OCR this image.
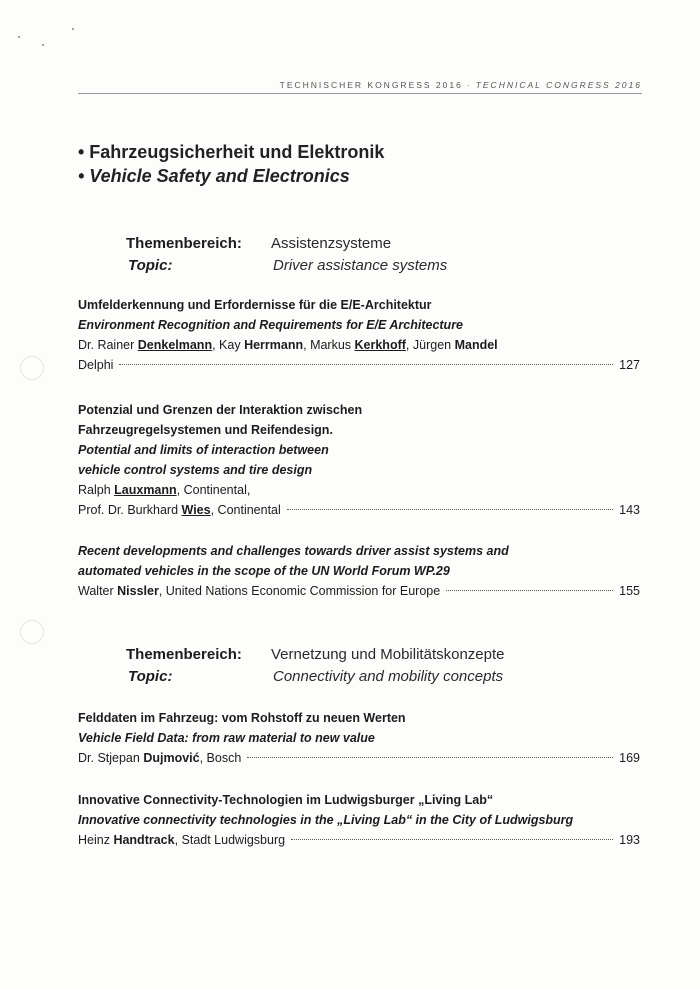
TECHNISCHER KONGRESS 2016 · TECHNICAL CONGRESS 2016
• Fahrzeugsicherheit und Elektronik
• Vehicle Safety and Electronics
Themenbereich:	Assistenzsysteme
Topic:	Driver assistance systems
Umfelderkennung und Erfordernisse für die E/E-Architektur
Environment Recognition and Requirements for E/E Architecture
Dr. Rainer Denkelmann, Kay Herrmann, Markus Kerkhoff, Jürgen Mandel
Delphi	127
Potenzial und Grenzen der Interaktion zwischen
Fahrzeugregelsystemen und Reifendesign.
Potential and limits of interaction between
vehicle control systems and tire design
Ralph Lauxmann, Continental,
Prof. Dr. Burkhard Wies, Continental	143
Recent developments and challenges towards driver assist systems and
automated vehicles in the scope of the UN World Forum WP.29
Walter Nissler, United Nations Economic Commission for Europe	155
Themenbereich:	Vernetzung und Mobilitätskonzepte
Topic:	Connectivity and mobility concepts
Felddaten im Fahrzeug: vom Rohstoff zu neuen Werten
Vehicle Field Data: from raw material to new value
Dr. Stjepan Dujmović, Bosch	169
Innovative Connectivity-Technologien im Ludwigsburger „Living Lab“
Innovative connectivity technologies in the „Living Lab“ in the City of Ludwigsburg
Heinz Handtrack, Stadt Ludwigsburg	193
